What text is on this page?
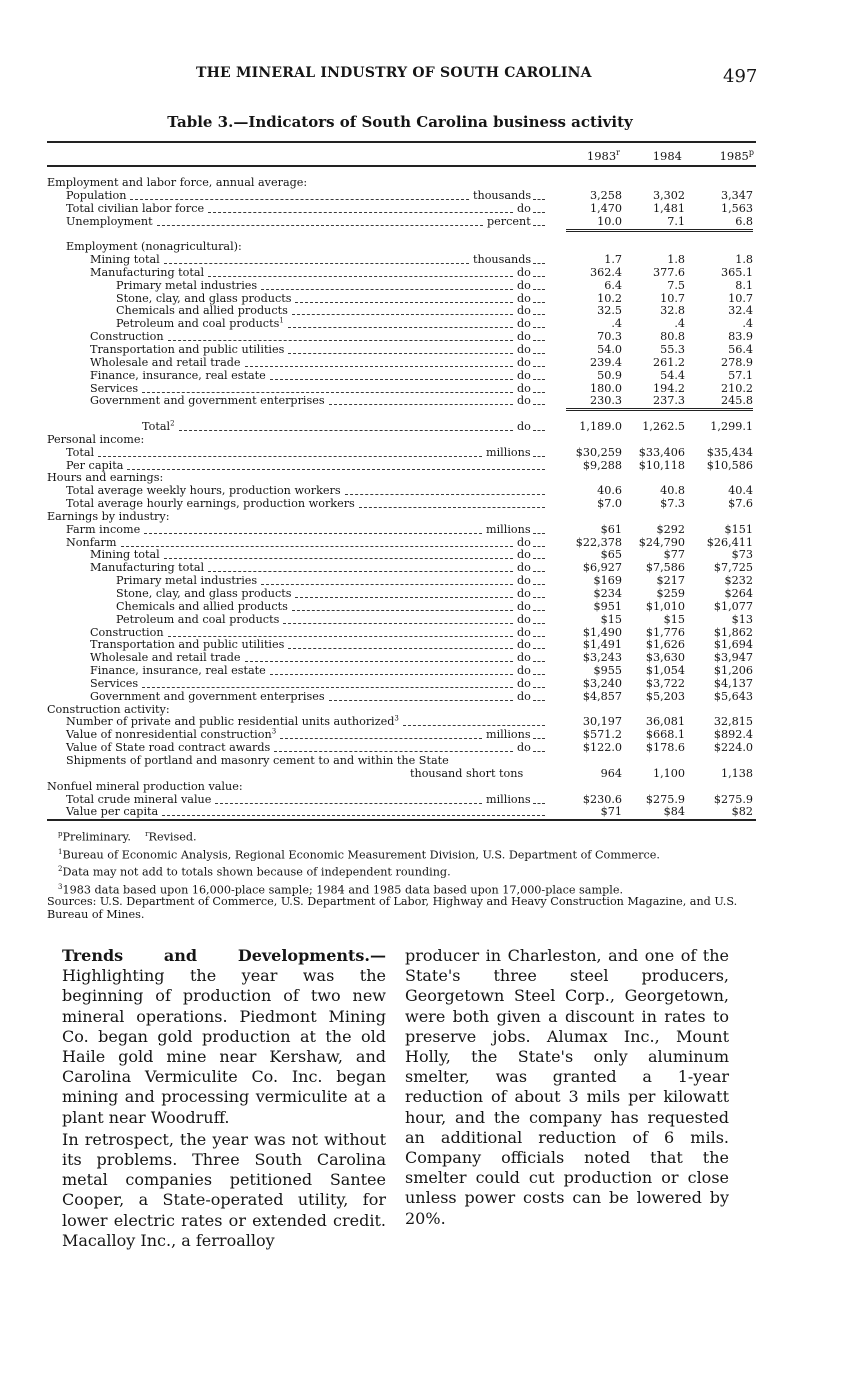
THE MINERAL INDUSTRY OF SOUTH CAROLINA	497
Table 3.—Indicators of South Carolina business activity
1983$^r$	1984	1985$^p$
Employment and labor force, annual average:
Population	thousands	3,258	3,302	3,347
Total civilian labor force	do	1,470	1,481	1,563
Unemployment	percent	10.0	7.1	6.8
Employment (nonagricultural):
Mining total	thousands	1.7	1.8	1.8
Manufacturing total	do	362.4	377.6	365.1
Primary metal industries	do	6.4	7.5	8.1
Stone, clay, and glass products	do	10.2	10.7	10.7
Chemicals and allied products	do	32.5	32.8	32.4
Petroleum and coal products$^1$	do	.4	.4	.4
Construction	do	70.3	80.8	83.9
Transportation and public utilities	do	54.0	55.3	56.4
Wholesale and retail trade	do	239.4	261.2	278.9
Finance, insurance, real estate	do	50.9	54.4	57.1
Services	do	180.0	194.2	210.2
Government and government enterprises	do	230.3	237.3	245.8
Total$^2$	do	1,189.0	1,262.5	1,299.1
Personal income:
Total	millions	$30,259	$33,406	$35,434
Per capita	$9,288	$10,118	$10,586
Hours and earnings:
Total average weekly hours, production workers	40.6	40.8	40.4
Total average hourly earnings, production workers	$7.0	$7.3	$7.6
Earnings by industry:
Farm income	millions	$61	$292	$151
Nonfarm	do	$22,378	$24,790	$26,411
Mining total	do	$65	$77	$73
Manufacturing total	do	$6,927	$7,586	$7,725
Primary metal industries	do	$169	$217	$232
Stone, clay, and glass products	do	$234	$259	$264
Chemicals and allied products	do	$951	$1,010	$1,077
Petroleum and coal products	do	$15	$15	$13
Construction	do	$1,490	$1,776	$1,862
Transportation and public utilities	do	$1,491	$1,626	$1,694
Wholesale and retail trade	do	$3,243	$3,630	$3,947
Finance, insurance, real estate	do	$955	$1,054	$1,206
Services	do	$3,240	$3,722	$4,137
Government and government enterprises	do	$4,857	$5,203	$5,643
Construction activity:
Number of private and public residential units authorized$^3$	30,197	36,081	32,815
Value of nonresidential construction$^3$	millions	$571.2	$668.1	$892.4
Value of State road contract awards	do	$122.0	$178.6	$224.0
Shipments of portland and masonry cement to and within the State
thousand short tons	964	1,100	1,138
Nonfuel mineral production value:
Total crude mineral value	millions	$230.6	$275.9	$275.9
Value per capita	$71	$84	$82
$^p$Preliminary. $^r$Revised.
$^1$Bureau of Economic Analysis, Regional Economic Measurement Division, U.S. Department of Commerce.
$^2$Data may not add to totals shown because of independent rounding.
$^3$1983 data based upon 16,000-place sample; 1984 and 1985 data based upon 17,000-place sample.
Sources: U.S. Department of Commerce, U.S. Department of Labor, Highway and Heavy Construction Magazine, and U.S. Bureau of Mines.

Trends and Developments.—Highlighting the year was the beginning of production of two new mineral operations. Piedmont Mining Co. began gold production at the old Haile gold mine near Kershaw, and Carolina Vermiculite Co. Inc. began mining and processing vermiculite at a plant near Woodruff.

In retrospect, the year was not without its problems. Three South Carolina metal companies petitioned Santee Cooper, a State-operated utility, for lower electric rates or extended credit. Macalloy Inc., a ferroalloy

producer in Charleston, and one of the State's three steel producers, Georgetown Steel Corp., Georgetown, were both given a discount in rates to preserve jobs. Alumax Inc., Mount Holly, the State's only aluminum smelter, was granted a 1-year reduction of about 3 mils per kilowatt hour, and the company has requested an additional reduction of 6 mils. Company officials noted that the smelter could cut production or close unless power costs can be lowered by 20%.
